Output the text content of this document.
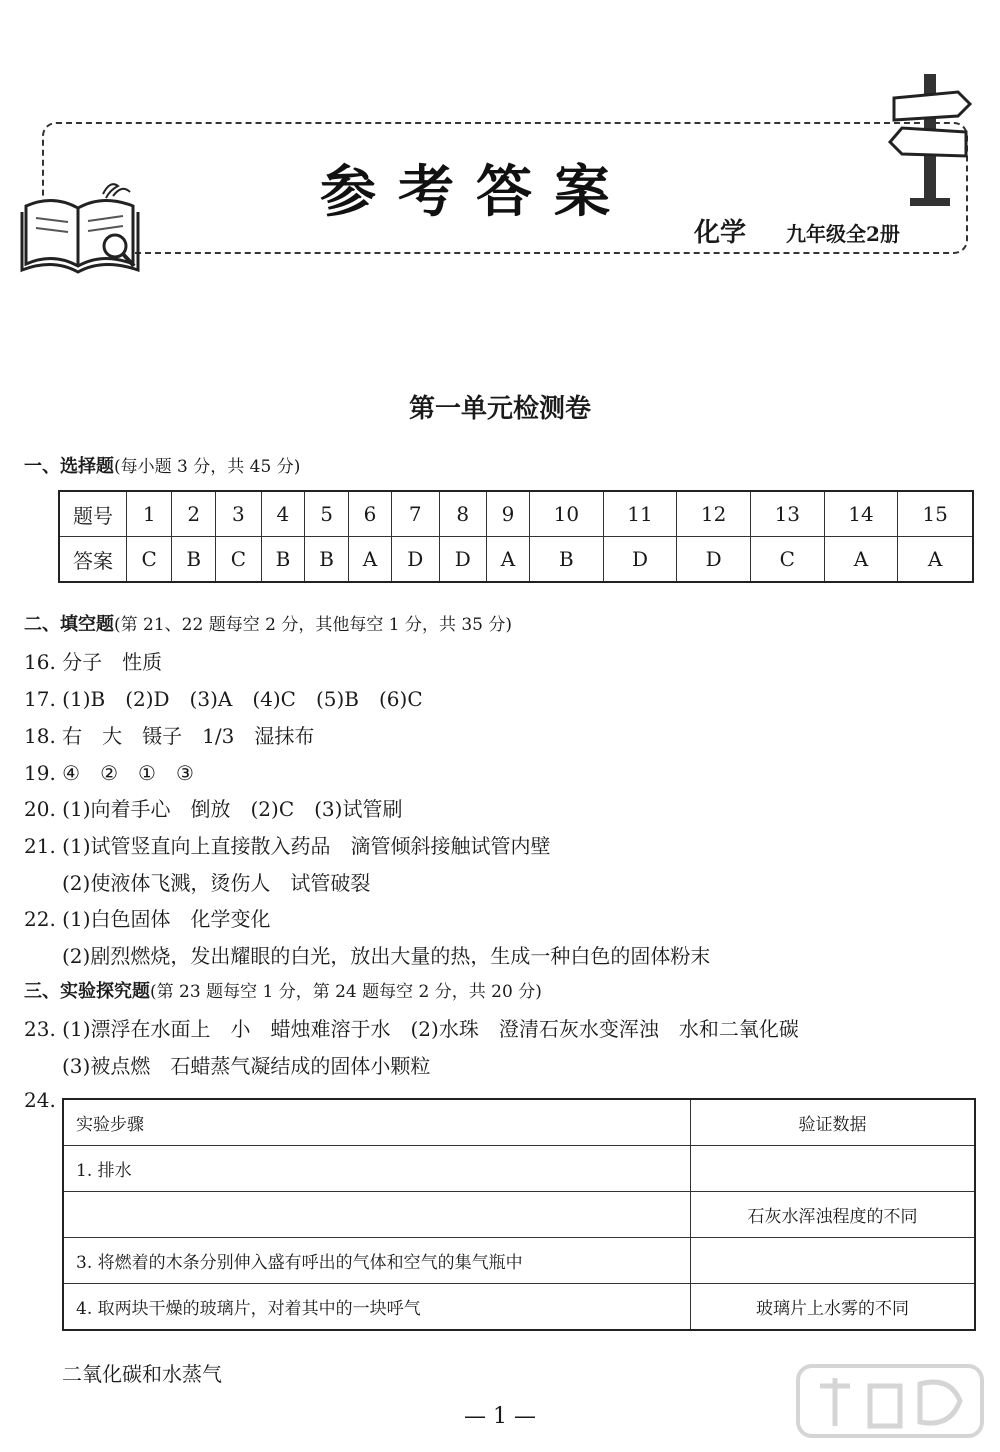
参考答案
化学 九年级全2册
第一单元检测卷
一、选择题(每小题 3 分，共 45 分)
题号	1	2	3	4	5	6	7	8	9	10	11	12	13	14	15
答案	C	B	C	B	B	A	D	D	A	B	D	D	C	A	A
二、填空题(第 21、22 题每空 2 分，其他每空 1 分，共 35 分)
16. 分子　性质
17. (1)B　(2)D　(3)A　(4)C　(5)B　(6)C
18. 右　大　镊子　1/3　湿抹布
19. ④　②　①　③
20. (1)向着手心　倒放　(2)C　(3)试管刷
21. (1)试管竖直向上直接散入药品　滴管倾斜接触试管内壁
(2)使液体飞溅，烫伤人　试管破裂
22. (1)白色固体　化学变化
(2)剧烈燃烧，发出耀眼的白光，放出大量的热，生成一种白色的固体粉末
三、实验探究题(第 23 题每空 1 分，第 24 题每空 2 分，共 20 分)
23. (1)漂浮在水面上　小　蜡烛难溶于水　(2)水珠　澄清石灰水变浑浊　水和二氧化碳
(3)被点燃　石蜡蒸气凝结成的固体小颗粒
24.
实验步骤	验证数据
1. 排水	
	石灰水浑浊程度的不同
3. 将燃着的木条分别伸入盛有呼出的气体和空气的集气瓶中	
4. 取两块干燥的玻璃片，对着其中的一块呼气	玻璃片上水雾的不同
二氧化碳和水蒸气
— 1 —
